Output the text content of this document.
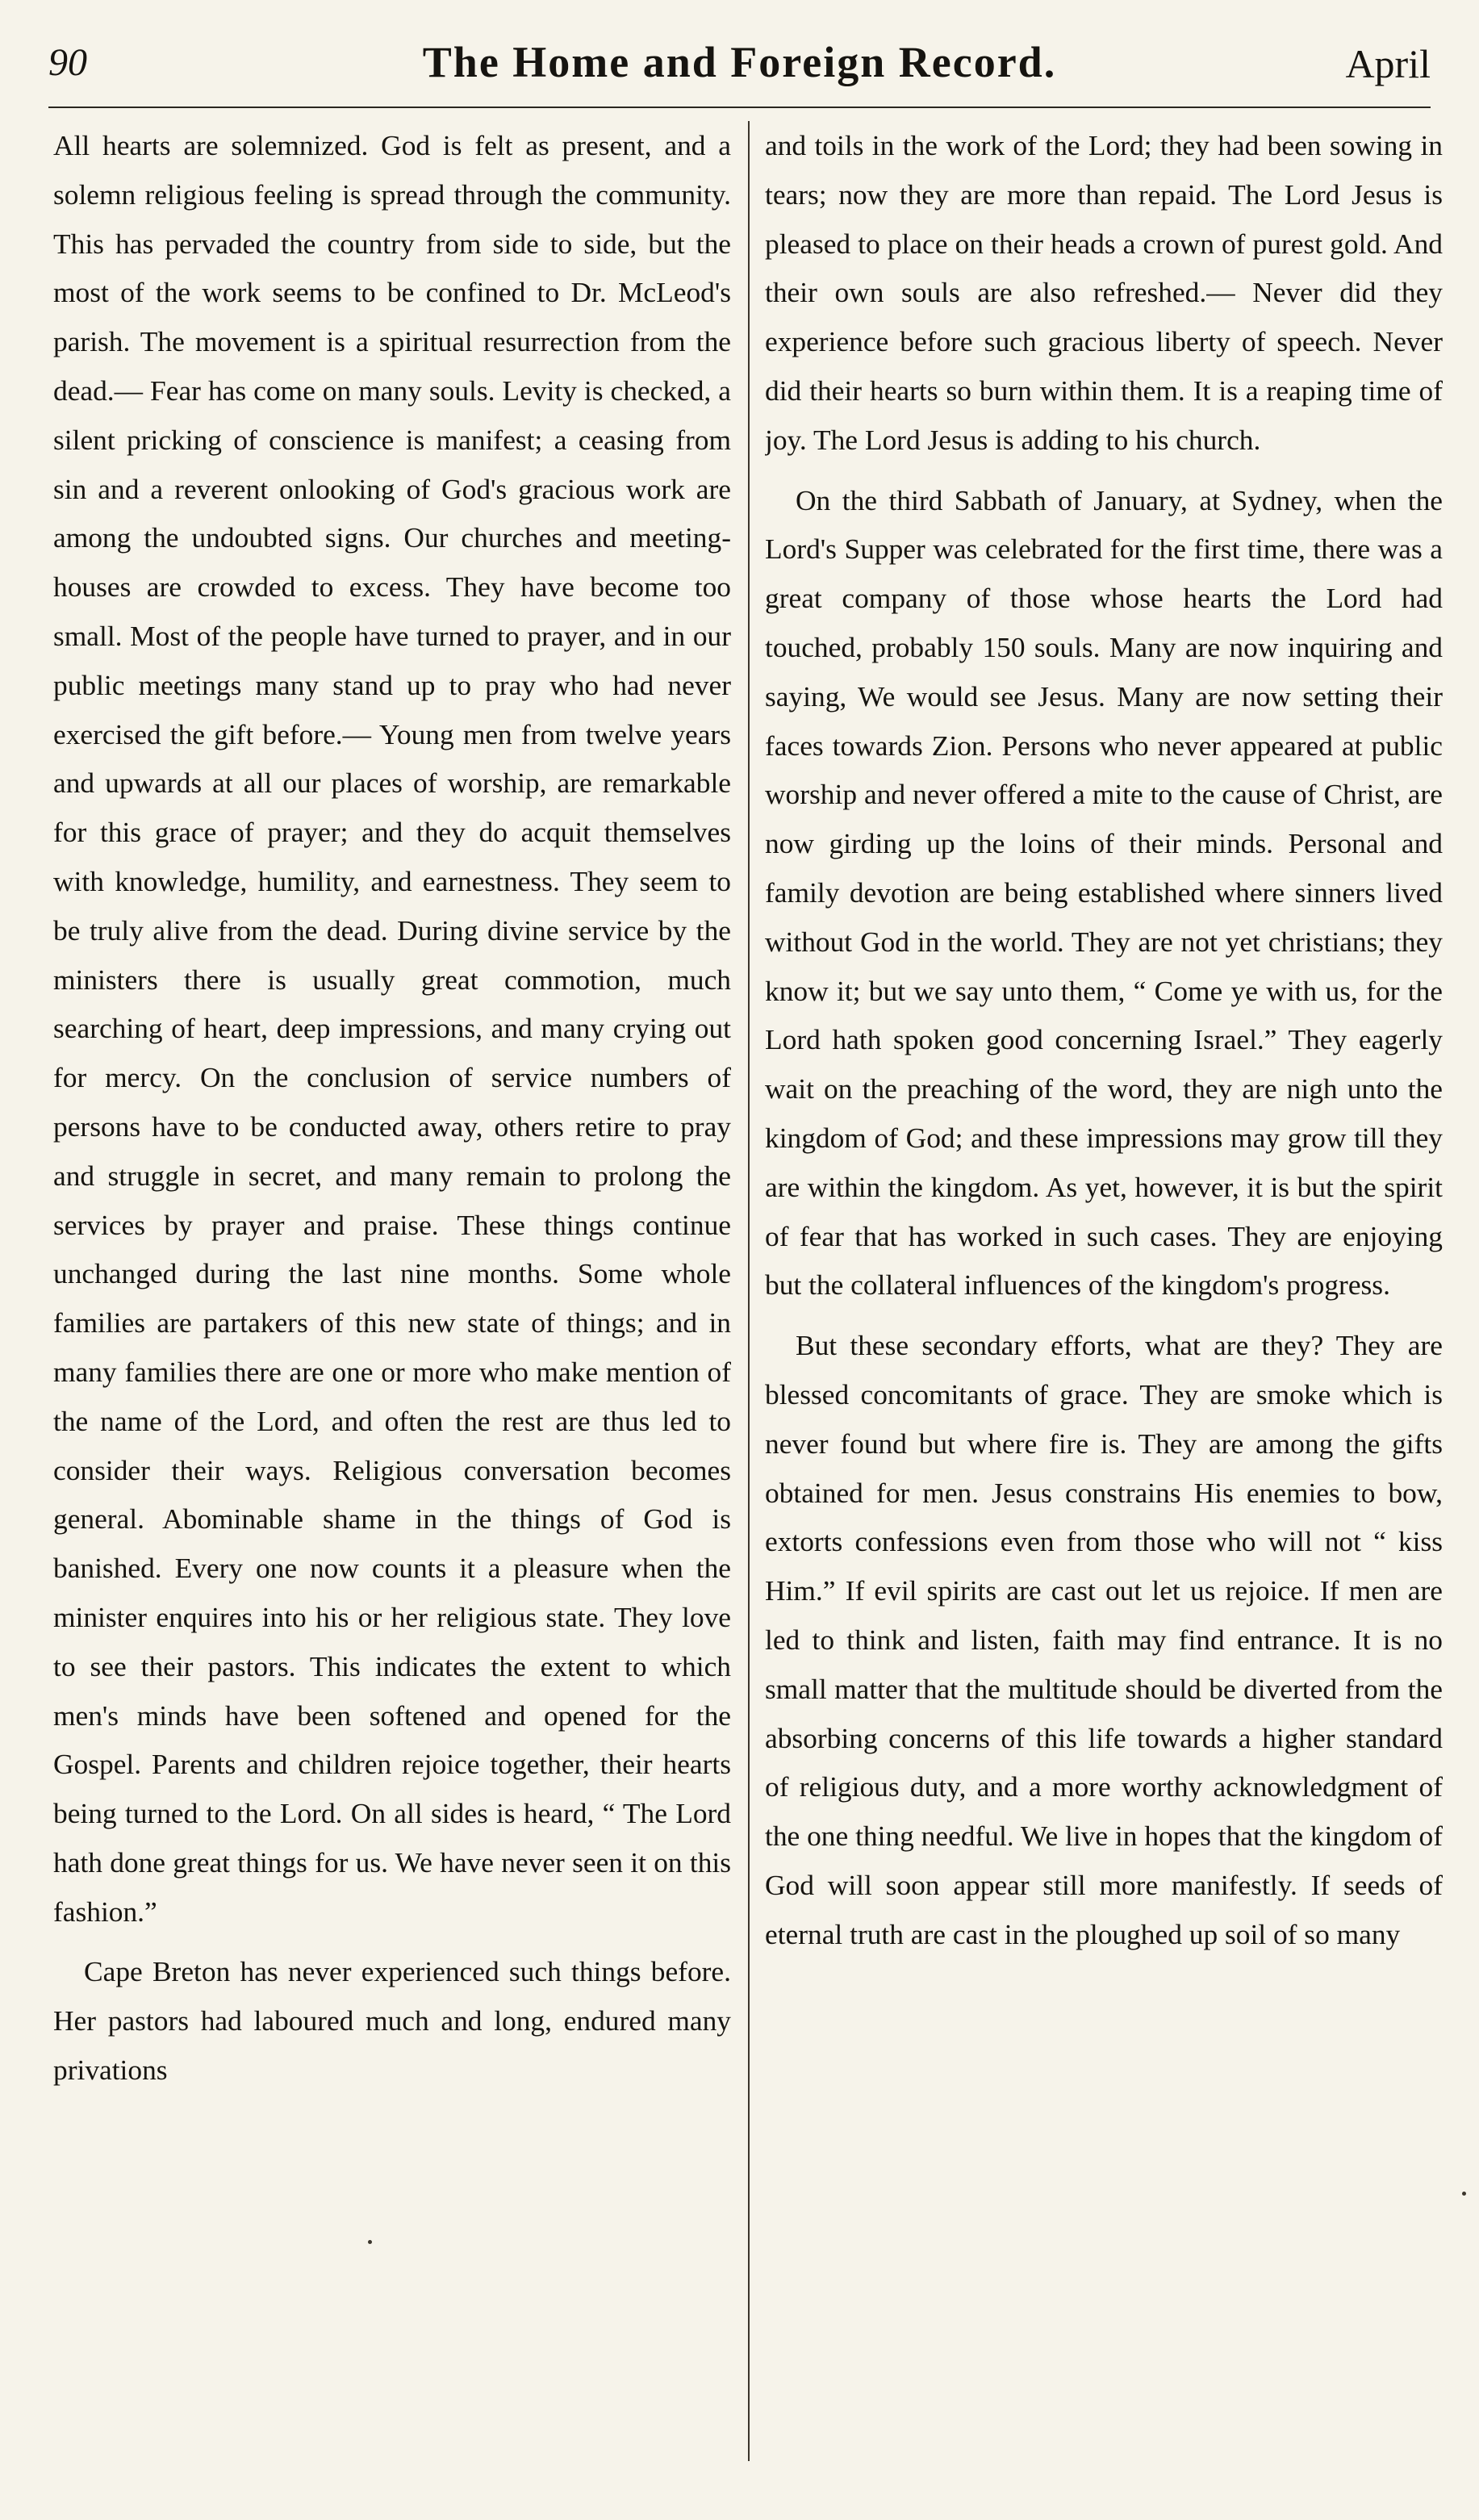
90	The Home and Foreign Record.	April

All hearts are solemnized. God is felt as present, and a solemn religious feeling is spread through the community. This has pervaded the country from side to side, but the most of the work seems to be confined to Dr. McLeod's parish. The movement is a spiritual resurrection from the dead.— Fear has come on many souls. Levity is checked, a silent pricking of conscience is manifest; a ceasing from sin and a reverent onlooking of God's gracious work are among the undoubted signs. Our churches and meeting-houses are crowded to excess. They have become too small. Most of the people have turned to prayer, and in our public meetings many stand up to pray who had never exercised the gift before.— Young men from twelve years and upwards at all our places of worship, are remarkable for this grace of prayer; and they do acquit themselves with knowledge, humility, and earnestness. They seem to be truly alive from the dead. During divine service by the ministers there is usually great commotion, much searching of heart, deep impressions, and many crying out for mercy. On the conclusion of service numbers of persons have to be conducted away, others retire to pray and struggle in secret, and many remain to prolong the services by prayer and praise. These things continue unchanged during the last nine months. Some whole families are partakers of this new state of things; and in many families there are one or more who make mention of the name of the Lord, and often the rest are thus led to consider their ways. Religious conversation becomes general. Abominable shame in the things of God is banished. Every one now counts it a pleasure when the minister enquires into his or her religious state. They love to see their pastors. This indicates the extent to which men's minds have been softened and opened for the Gospel. Parents and children rejoice together, their hearts being turned to the Lord. On all sides is heard, “ The Lord hath done great things for us. We have never seen it on this fashion.”

Cape Breton has never experienced such things before. Her pastors had laboured much and long, endured many privations

and toils in the work of the Lord; they had been sowing in tears; now they are more than repaid. The Lord Jesus is pleased to place on their heads a crown of purest gold. And their own souls are also refreshed.— Never did they experience before such gracious liberty of speech. Never did their hearts so burn within them. It is a reaping time of joy. The Lord Jesus is adding to his church.

On the third Sabbath of January, at Sydney, when the Lord's Supper was celebrated for the first time, there was a great company of those whose hearts the Lord had touched, probably 150 souls. Many are now inquiring and saying, We would see Jesus. Many are now setting their faces towards Zion. Persons who never appeared at public worship and never offered a mite to the cause of Christ, are now girding up the loins of their minds. Personal and family devotion are being established where sinners lived without God in the world. They are not yet christians; they know it; but we say unto them, “ Come ye with us, for the Lord hath spoken good concerning Israel.” They eagerly wait on the preaching of the word, they are nigh unto the kingdom of God; and these impressions may grow till they are within the kingdom. As yet, however, it is but the spirit of fear that has worked in such cases. They are enjoying but the collateral influences of the kingdom's progress.

But these secondary efforts, what are they? They are blessed concomitants of grace. They are smoke which is never found but where fire is. They are among the gifts obtained for men. Jesus constrains His enemies to bow, extorts confessions even from those who will not “ kiss Him.” If evil spirits are cast out let us rejoice. If men are led to think and listen, faith may find entrance. It is no small matter that the multitude should be diverted from the absorbing concerns of this life towards a higher standard of religious duty, and a more worthy acknowledgment of the one thing needful. We live in hopes that the kingdom of God will soon appear still more manifestly. If seeds of eternal truth are cast in the ploughed up soil of so many
